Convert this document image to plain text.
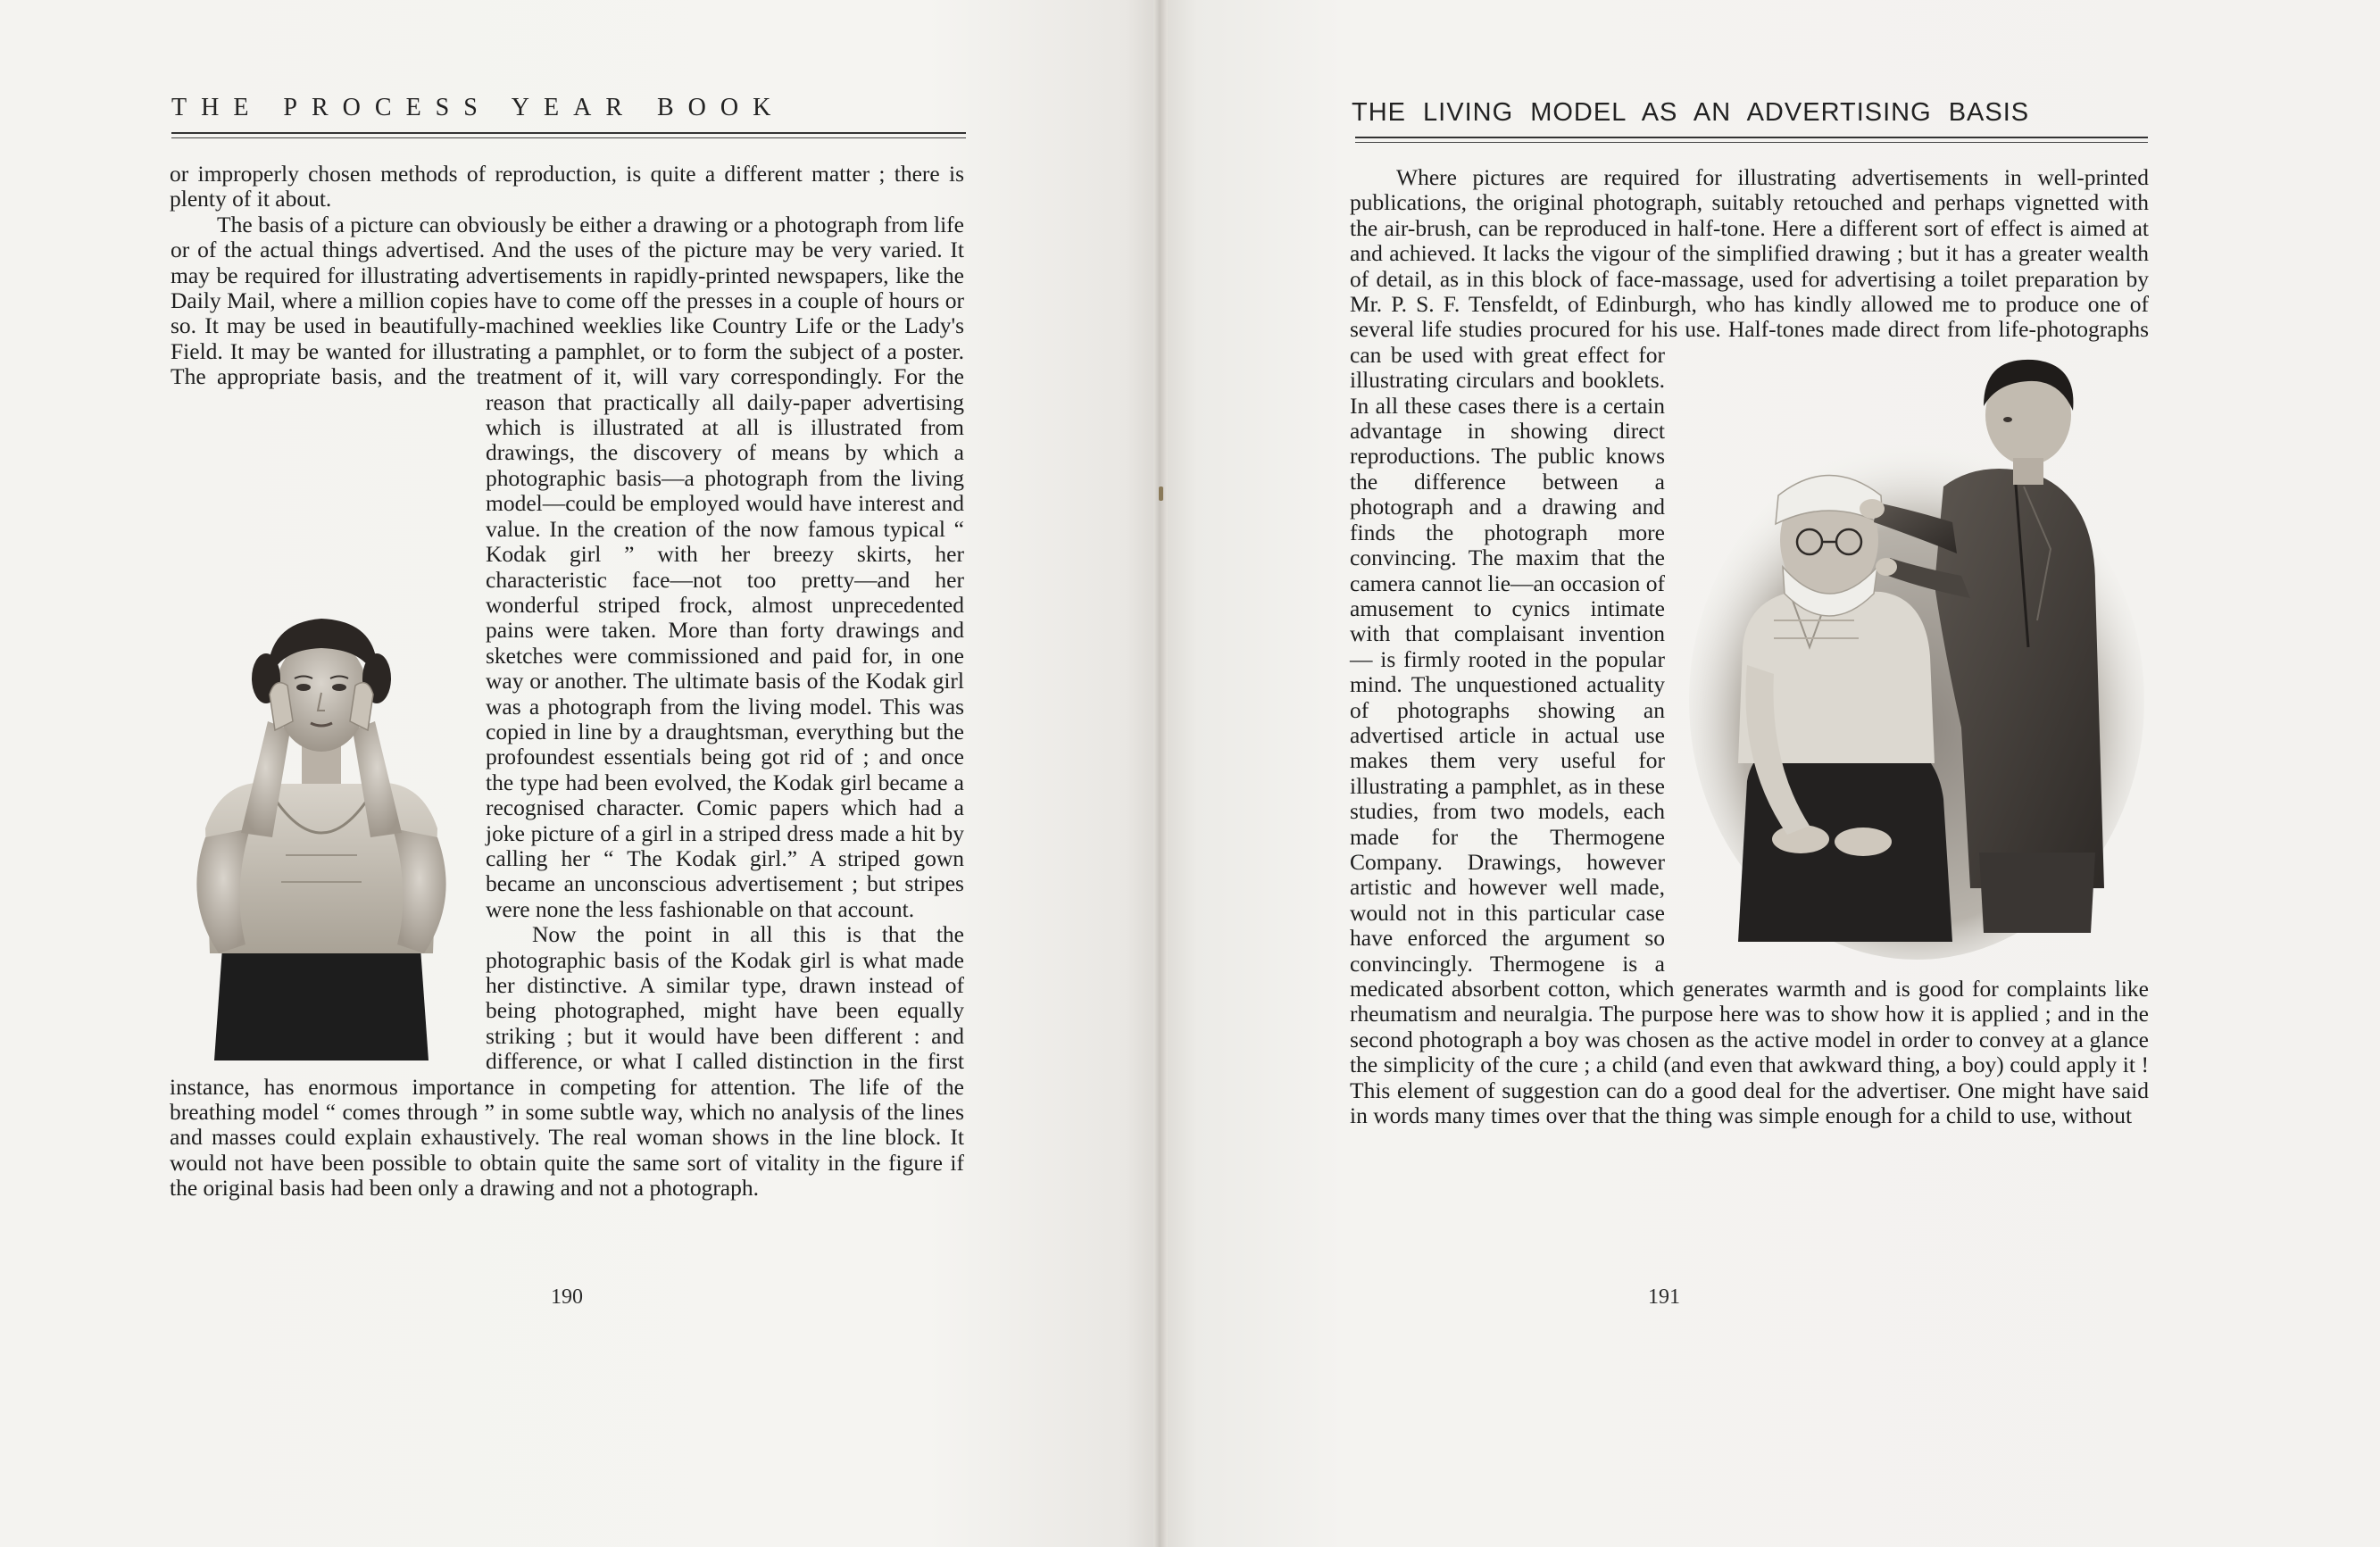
THE PROCESS YEAR BOOK

or improperly chosen methods of reproduction, is quite a different matter ; there is plenty of it about.

The basis of a picture can obviously be either a drawing or a photograph from life or of the actual things advertised. And the uses of the picture may be very varied. It may be required for illustrating advertisements in rapidly-printed newspapers, like the Daily Mail, where a million copies have to come off the presses in a couple of hours or so. It may be used in beautifully-machined weeklies like Country Life or the Lady's Field. It may be wanted for illustrating a pamphlet, or to form the subject of a poster. The appropriate basis, and the treatment of it, will vary correspondingly. For the reason that practically all daily-paper advertising which is illustrated at all is illustrated from drawings, the discovery of means by which a photographic basis—a photograph from the living model—could be employed would have interest and value. In the creation of the now famous typical “ Kodak girl ” with her breezy skirts, her characteristic face—not too pretty—and her wonderful striped frock, almost unprecedented pains were taken. More than forty drawings and sketches were commissioned and paid for, in one way or another. The ultimate basis of the Kodak girl was a photograph from the living model. This was copied in line by a draughtsman, everything but the profoundest essentials being got rid of ; and once the type had been evolved, the Kodak girl became a recognised character. Comic papers which had a joke picture of a girl in a striped dress made a hit by calling her “ The Kodak girl.” A striped gown became an unconscious advertisement ; but stripes were none the less fashionable on that account.

Now the point in all this is that the photographic basis of the Kodak girl is what made her distinctive. A similar type, drawn instead of being photographed, might have been equally striking ; but it would have been different : and difference, or what I called distinction in the first instance, has enormous importance in competing for attention. The life of the breathing model “ comes through ” in some subtle way, which no analysis of the lines and masses could explain exhaustively. The real woman shows in the line block. It would not have been possible to obtain quite the same sort of vitality in the figure if the original basis had been only a drawing and not a photograph.

190
THE LIVING MODEL AS AN ADVERTISING BASIS

Where pictures are required for illustrating advertisements in well-printed publications, the original photograph, suitably retouched and perhaps vignetted with the air-brush, can be reproduced in half-tone. Here a different sort of effect is aimed at and achieved. It lacks the vigour of the simplified drawing ; but it has a greater wealth of detail, as in this block of face-massage, used for advertising a toilet preparation by Mr. P. S. F. Tensfeldt, of Edinburgh, who has kindly allowed me to produce one of several life studies procured for his use. Half-tones made direct from life-photographs can be used with great effect for illustrating circulars and booklets. In all these cases there is a certain advantage in showing direct reproductions. The public knows the difference between a photograph and a drawing and finds the photograph more convincing. The maxim that the camera cannot lie—an occasion of amusement to cynics intimate with that complaisant invention — is firmly rooted in the popular mind. The unquestioned actuality of photographs showing an advertised article in actual use makes them very useful for illustrating a pamphlet, as in these studies, from two models, each made for the Thermogene Company. Drawings, however artistic and however well made, would not in this particular case have enforced the argument so convincingly. Thermogene is a medicated absorbent cotton, which generates warmth and is good for complaints like rheumatism and neuralgia. The purpose here was to show how it is applied ; and in the second photograph a boy was chosen as the active model in order to convey at a glance the simplicity of the cure ; a child (and even that awkward thing, a boy) could apply it ! This element of suggestion can do a good deal for the advertiser. One might have said in words many times over that the thing was simple enough for a child to use, without

191
